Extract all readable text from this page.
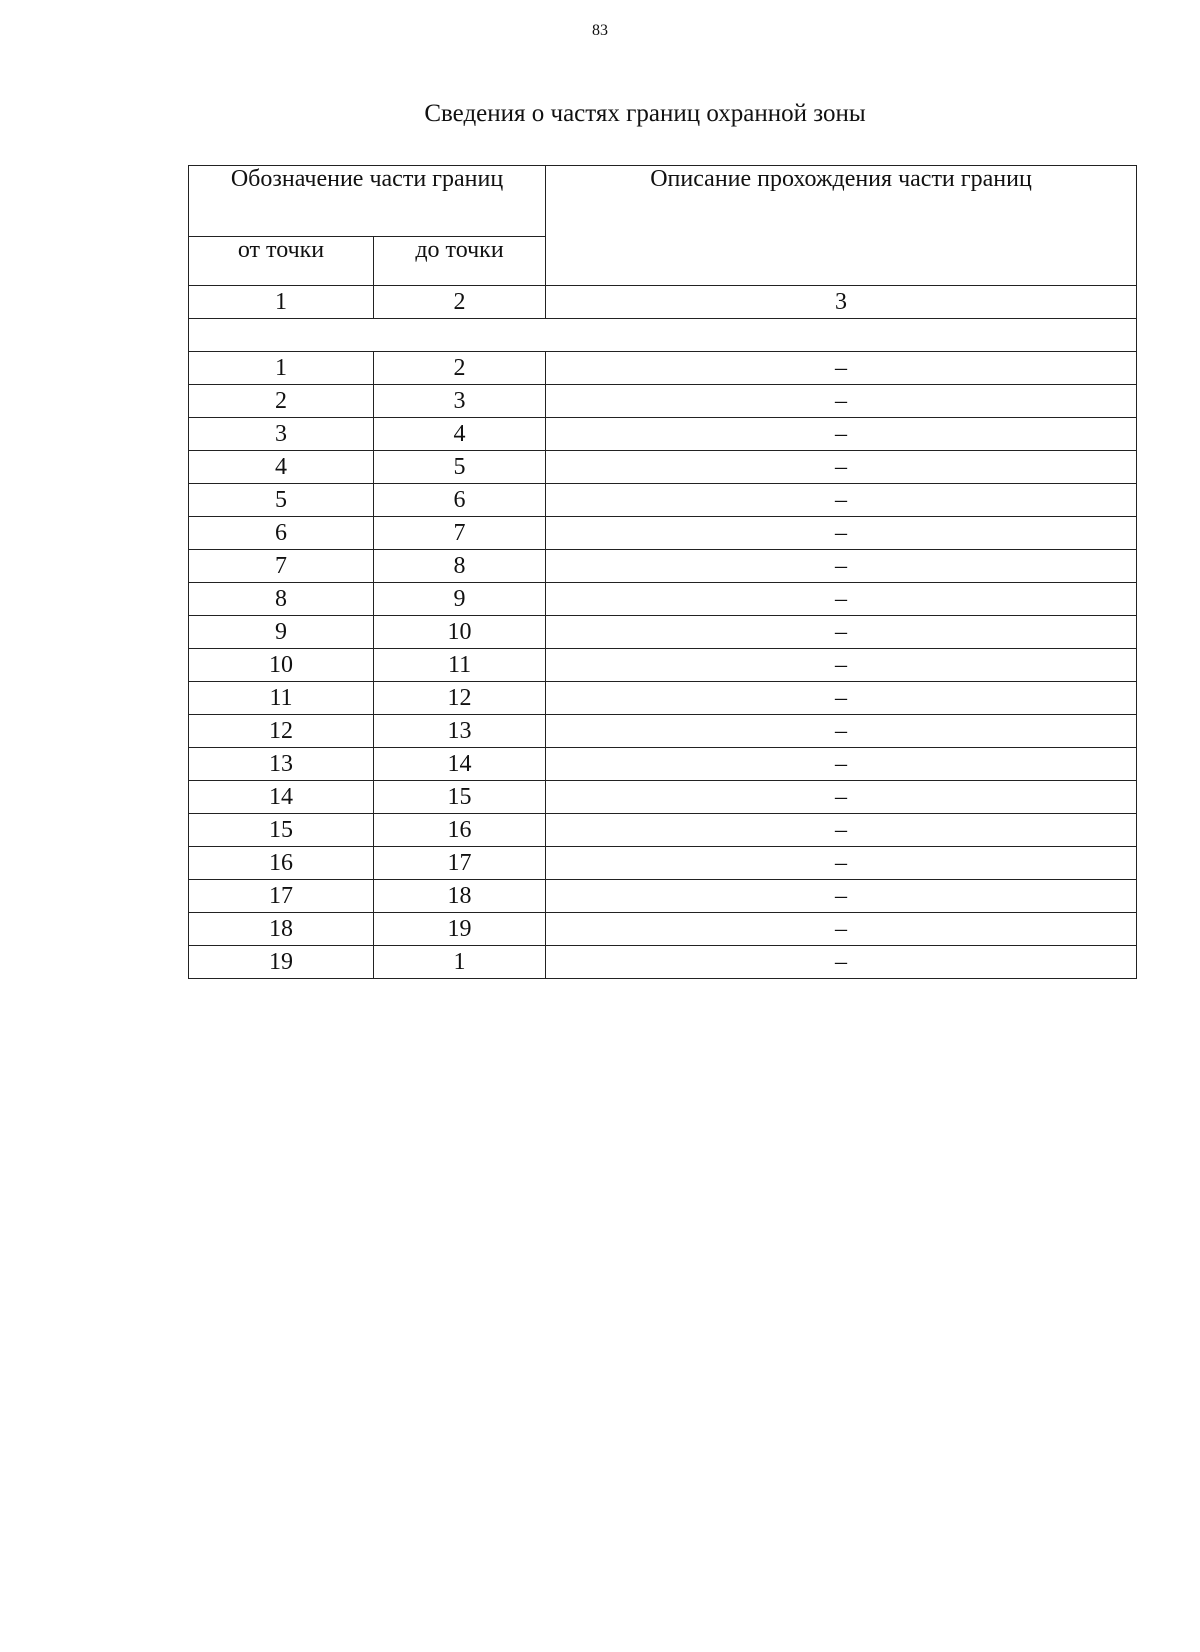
83
Сведения о частях границ охранной зоны
Обозначение части границ		Описание прохождения части границ
от точки	до точки	
1	2	3

1	2	–
2	3	–
3	4	–
4	5	–
5	6	–
6	7	–
7	8	–
8	9	–
9	10	–
10	11	–
11	12	–
12	13	–
13	14	–
14	15	–
15	16	–
16	17	–
17	18	–
18	19	–
19	1	–
